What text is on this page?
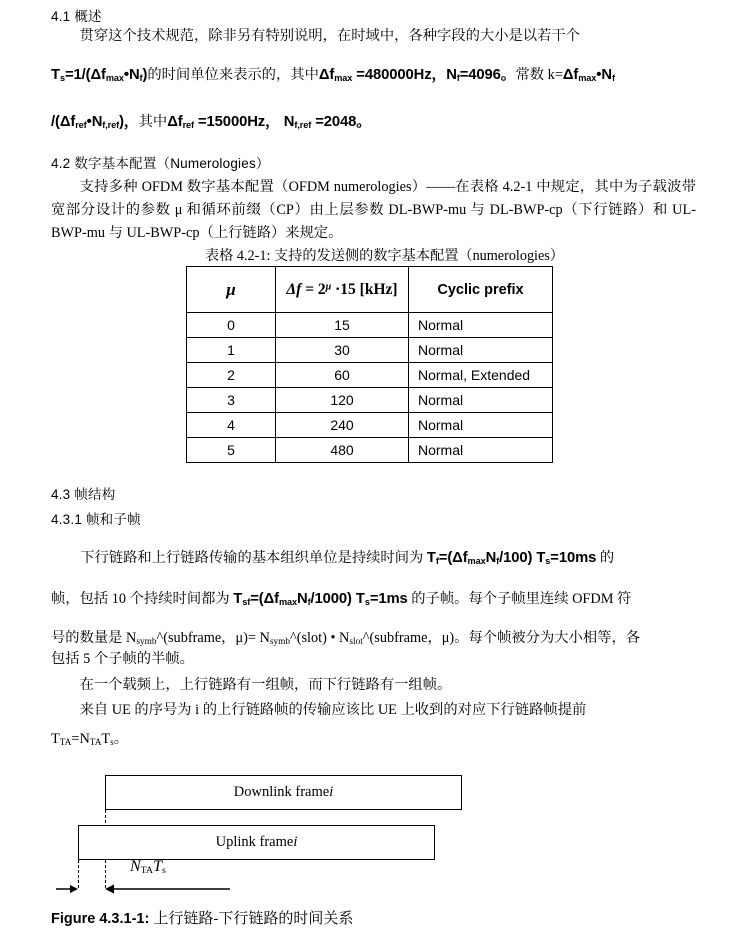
4.1 概述
贯穿这个技术规范，除非另有特别说明，在时域中，各种字段的大小是以若干个
$T_s=1/(\Delta f_{max}•N_f)$的时间单位来表示的，其中$\Delta f_{max} =480000Hz$，$N_f=4096$。常数 $k=\Delta f_{max}•N_f$
$/(\Delta f_{ref}•N_{f,ref})$，其中$\Delta f_{ref} =15000Hz$， $N_{f,ref} =2048$。
4.2 数字基本配置（Numerologies）
支持多种 OFDM 数字基本配置（OFDM numerologies）——在表格 4.2-1 中规定，其中为子载波带宽部分设计的参数 μ 和循环前缀（CP）由上层参数 DL-BWP-mu 与 DL-BWP-cp（下行链路）和 UL-BWP-mu 与 UL-BWP-cp（上行链路）来规定。
表格 4.2-1: 支持的发送侧的数字基本配置（numerologies）
μ	$\Delta f = 2^\mu \cdot 15$ [kHz]	Cyclic prefix
0	15	Normal
1	30	Normal
2	60	Normal, Extended
3	120	Normal
4	240	Normal
5	480	Normal
4.3 帧结构
4.3.1 帧和子帧
下行链路和上行链路传输的基本组织单位是持续时间为 $T_f=(\Delta f_{max}N_f/100)$ $T_s=10ms$ 的
帧，包括 10 个持续时间都为 $T_{sf}=(\Delta f_{max}N_f/1000)$ $T_s=1ms$ 的子帧。每个子帧里连续 OFDM 符
号的数量是 $N_{symb}\^{}(subframe$，$\mu)= N_{symb}\^{}(slot)$ • $N_{slot}\^{}(subframe$，μ)。每个帧被分为大小相等，各
包括 5 个子帧的半帧。
在一个载频上，上行链路有一组帧，而下行链路有一组帧。
来自 UE 的序号为 i 的上行链路帧的传输应该比 UE 上收到的对应下行链路帧提前
$T_{TA}=N_{TA}T_s$。
Downlink frame i
Uplink frame i
$N_{TA}T_s$
Figure 4.3.1-1: 上行链路-下行链路的时间关系
